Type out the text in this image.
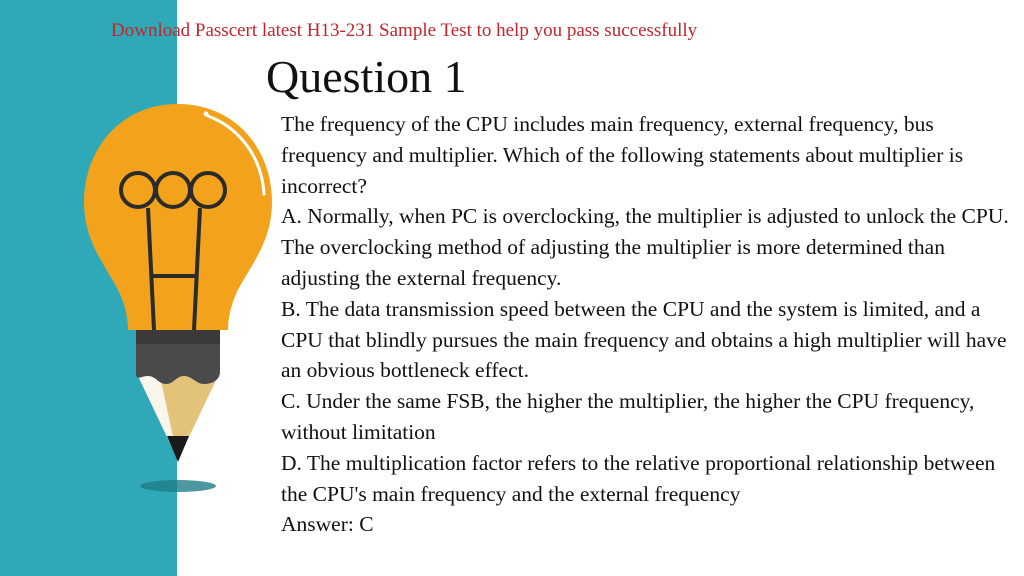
Download Passcert latest H13-231 Sample Test to help you pass successfully
Question 1

The frequency of the CPU includes main frequency, external frequency, bus frequency and multiplier. Which of the following statements about multiplier is incorrect?

A. Normally, when PC is overclocking, the multiplier is adjusted to unlock the CPU. The overclocking method of adjusting the multiplier is more determined than adjusting the external frequency.

B. The data transmission speed between the CPU and the system is limited, and a CPU that blindly pursues the main frequency and obtains a high multiplier will have an obvious bottleneck effect.

C. Under the same FSB, the higher the multiplier, the higher the CPU frequency, without limitation

D. The multiplication factor refers to the relative proportional relationship between the CPU's main frequency and the external frequency

Answer: C
